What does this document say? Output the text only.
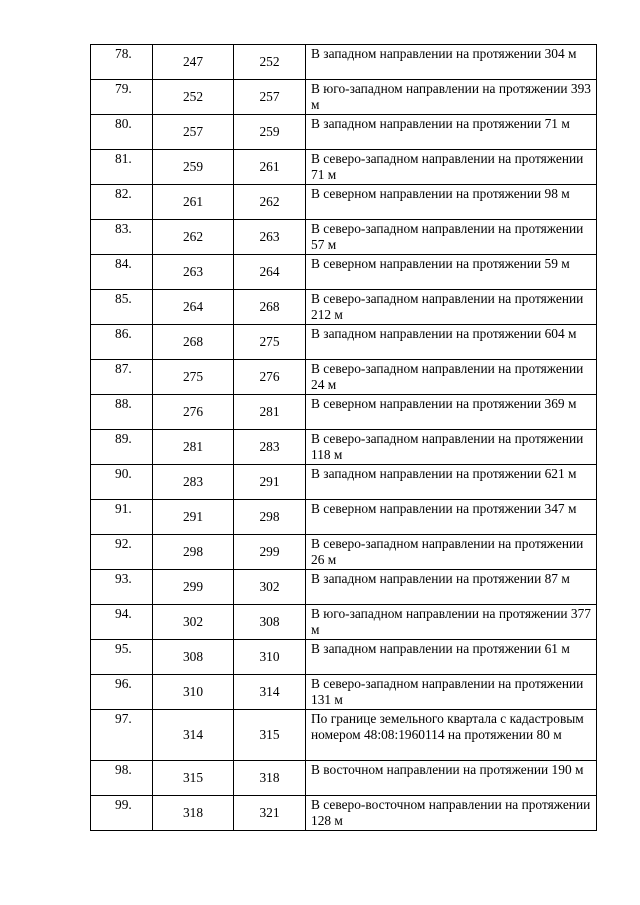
78.	247	252	В западном направлении на протяжении 304 м
79.	252	257	В юго-западном направлении на протяжении 393 м
80.	257	259	В западном направлении на протяжении 71 м
81.	259	261	В северо-западном направлении на протяжении 71 м
82.	261	262	В северном направлении на протяжении 98 м
83.	262	263	В северо-западном направлении на протяжении 57 м
84.	263	264	В северном направлении на протяжении 59 м
85.	264	268	В северо-западном направлении на протяжении 212 м
86.	268	275	В западном направлении на протяжении 604 м
87.	275	276	В северо-западном направлении на протяжении 24 м
88.	276	281	В северном направлении на протяжении 369 м
89.	281	283	В северо-западном направлении на протяжении 118 м
90.	283	291	В западном направлении на протяжении 621 м
91.	291	298	В северном направлении на протяжении 347 м
92.	298	299	В северо-западном направлении на протяжении 26 м
93.	299	302	В западном направлении на протяжении 87 м
94.	302	308	В юго-западном направлении на протяжении 377 м
95.	308	310	В западном направлении на протяжении 61 м
96.	310	314	В северо-западном направлении на протяжении 131 м
97.	314	315	По границе земельного квартала с кадастровым номером 48:08:1960114 на протяжении 80 м
98.	315	318	В восточном направлении на протяжении 190 м
99.	318	321	В северо-восточном направлении на протяжении 128 м
